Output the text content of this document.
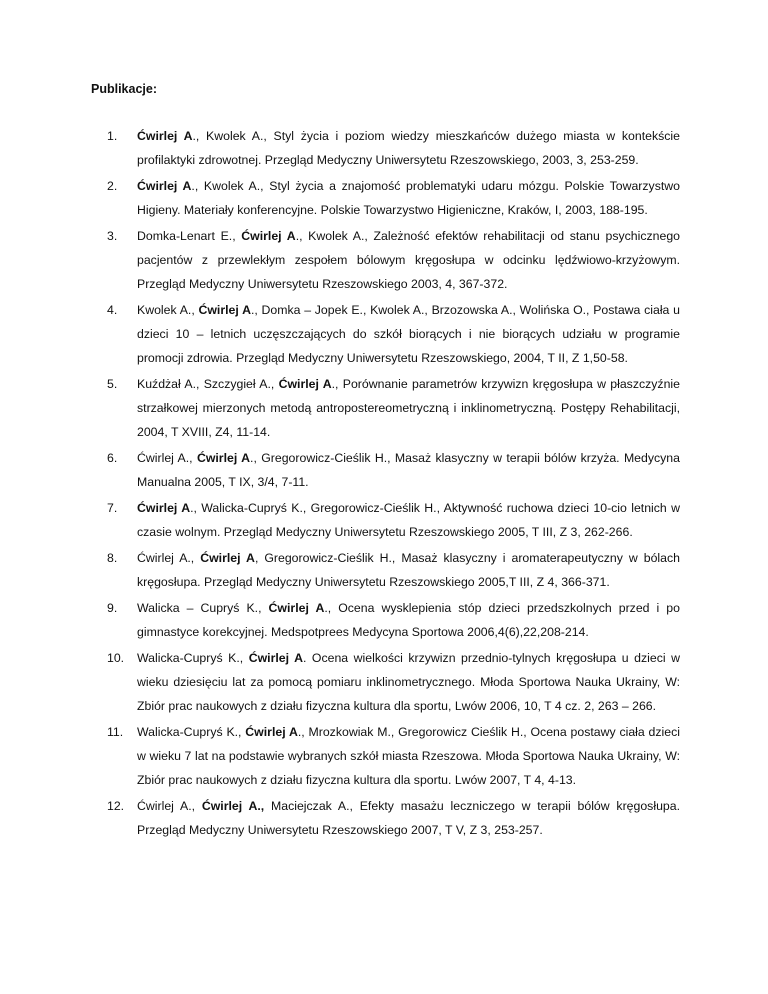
Publikacje:
1. Ćwirlej A., Kwolek A., Styl życia i poziom wiedzy mieszkańców dużego miasta w kontekście profilaktyki zdrowotnej. Przegląd Medyczny Uniwersytetu Rzeszowskiego, 2003, 3, 253-259.
2. Ćwirlej A., Kwolek A., Styl życia a znajomość problematyki udaru mózgu. Polskie Towarzystwo Higieny. Materiały konferencyjne. Polskie Towarzystwo Higieniczne, Kraków, I, 2003, 188-195.
3. Domka-Lenart E., Ćwirlej A., Kwolek A., Zależność efektów rehabilitacji od stanu psychicznego pacjentów z przewlekłym zespołem bólowym kręgosłupa w odcinku lędźwiowo-krzyżowym. Przegląd Medyczny Uniwersytetu Rzeszowskiego 2003, 4, 367-372.
4. Kwolek A., Ćwirlej A., Domka – Jopek E., Kwolek A., Brzozowska A., Wolińska O., Postawa ciała u dzieci 10 – letnich uczęszczających do szkół biorących i nie biorących udziału w programie promocji zdrowia. Przegląd Medyczny Uniwersytetu Rzeszowskiego, 2004, T II, Z 1,50-58.
5. Kuźdżał A., Szczygieł A., Ćwirlej A., Porównanie parametrów krzywizn kręgosłupa w płaszczyźnie strzałkowej mierzonych metodą antropostereometryczną i inklinometryczną. Postępy Rehabilitacji, 2004, T XVIII, Z4, 11-14.
6. Ćwirlej A., Ćwirlej A., Gregorowicz-Cieślik H., Masaż klasyczny w terapii bólów krzyża. Medycyna Manualna 2005, T IX, 3/4, 7-11.
7. Ćwirlej A., Walicka-Cupryś K., Gregorowicz-Cieślik H., Aktywność ruchowa dzieci 10-cio letnich w czasie wolnym. Przegląd Medyczny Uniwersytetu Rzeszowskiego 2005, T III, Z 3, 262-266.
8. Ćwirlej A., Ćwirlej A, Gregorowicz-Cieślik H., Masaż klasyczny i aromaterapeutyczny w bólach kręgosłupa. Przegląd Medyczny Uniwersytetu Rzeszowskiego 2005,T III, Z 4, 366-371.
9. Walicka – Cupryś K., Ćwirlej A., Ocena wysklepienia stóp dzieci przedszkolnych przed i po gimnastyce korekcyjnej. Medspotprees Medycyna Sportowa 2006,4(6),22,208-214.
10. Walicka-Cupryś K., Ćwirlej A. Ocena wielkości krzywizn przednio-tylnych kręgosłupa u dzieci w wieku dziesięciu lat za pomocą pomiaru inklinometrycznego. Młoda Sportowa Nauka Ukrainy, W: Zbiór prac naukowych z działu fizyczna kultura dla sportu, Lwów 2006, 10, T 4 cz. 2, 263 – 266.
11. Walicka-Cupryś K., Ćwirlej A., Mrozkowiak M., Gregorowicz Cieślik H., Ocena postawy ciała dzieci w wieku 7 lat na podstawie wybranych szkół miasta Rzeszowa. Młoda Sportowa Nauka Ukrainy, W: Zbiór prac naukowych z działu fizyczna kultura dla sportu. Lwów 2007, T 4, 4-13.
12. Ćwirlej A., Ćwirlej A., Maciejczak A., Efekty masażu leczniczego w terapii bólów kręgosłupa. Przegląd Medyczny Uniwersytetu Rzeszowskiego 2007, T V, Z 3, 253-257.
